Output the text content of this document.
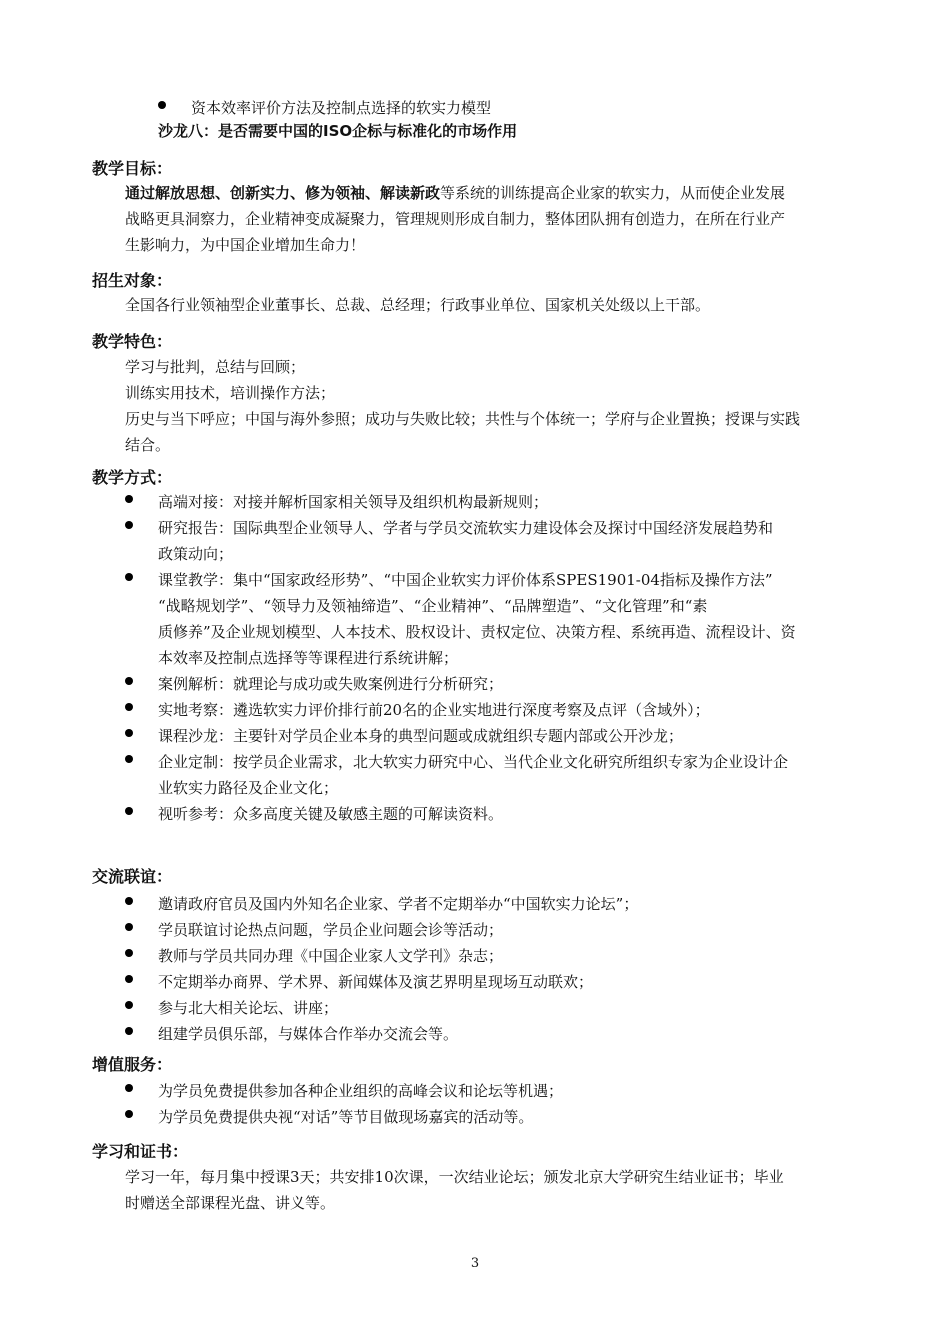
资本效率评价方法及控制点选择的软实力模型
沙龙八：是否需要中国的ISO企标与标准化的市场作用
教学目标：
通过解放思想、创新实力、修为领袖、解读新政等系统的训练提高企业家的软实力，从而使企业发展
战略更具洞察力，企业精神变成凝聚力，管理规则形成自制力，整体团队拥有创造力，在所在行业产
生影响力，为中国企业增加生命力！
招生对象：
全国各行业领袖型企业董事长、总裁、总经理；行政事业单位、国家机关处级以上干部。
教学特色：
学习与批判，总结与回顾；
训练实用技术，培训操作方法；
历史与当下呼应；中国与海外参照；成功与失败比较；共性与个体统一；学府与企业置换；授课与实践
结合。
教学方式：
高端对接：对接并解析国家相关领导及组织机构最新规则；
研究报告：国际典型企业领导人、学者与学员交流软实力建设体会及探讨中国经济发展趋势和
政策动向；
课堂教学：集中“国家政经形势”、“中国企业软实力评价体系SPES1901-04指标及操作方法”
“战略规划学”、“领导力及领袖缔造”、“企业精神”、“品牌塑造”、“文化管理”和“素
质修养”及企业规划模型、人本技术、股权设计、责权定位、决策方程、系统再造、流程设计、资
本效率及控制点选择等等课程进行系统讲解；
案例解析：就理论与成功或失败案例进行分析研究；
实地考察：遴选软实力评价排行前20名的企业实地进行深度考察及点评（含域外）；
课程沙龙：主要针对学员企业本身的典型问题或成就组织专题内部或公开沙龙；
企业定制：按学员企业需求，北大软实力研究中心、当代企业文化研究所组织专家为企业设计企
业软实力路径及企业文化；
视听参考：众多高度关键及敏感主题的可解读资料。
交流联谊：
邀请政府官员及国内外知名企业家、学者不定期举办“中国软实力论坛”；
学员联谊讨论热点问题，学员企业问题会诊等活动；
教师与学员共同办理《中国企业家人文学刊》杂志；
不定期举办商界、学术界、新闻媒体及演艺界明星现场互动联欢；
参与北大相关论坛、讲座；
组建学员俱乐部，与媒体合作举办交流会等。
增值服务：
为学员免费提供参加各种企业组织的高峰会议和论坛等机遇；
为学员免费提供央视“对话”等节目做现场嘉宾的活动等。
学习和证书：
学习一年，每月集中授课3天；共安排10次课，一次结业论坛；颁发北京大学研究生结业证书；毕业
时赠送全部课程光盘、讲义等。
3
